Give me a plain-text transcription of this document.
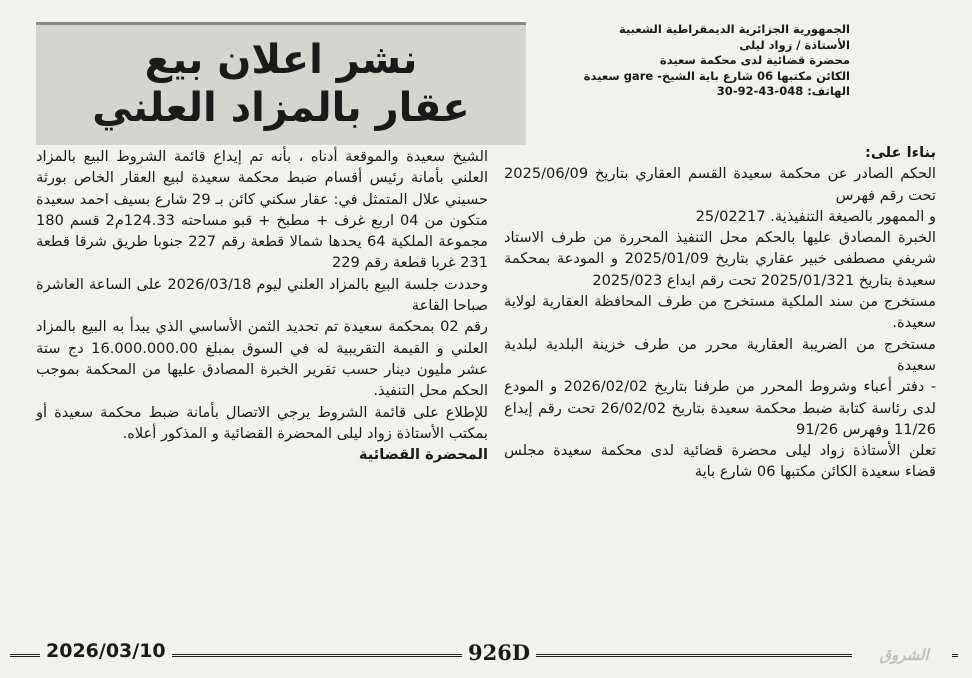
الجمهورية الجزائرية الديمقراطية الشعبية
الأستاذة / زواد ليلى
محضرة قضائية لدى محكمة سعيدة
الكائن مكتبها 06 شارع باية الشيخ- gare سعيدة
الهاتف: 048-43-92-30
نشر اعلان بيع
عقار بالمزاد العلني

بناءا على:

الحكم الصادر عن محكمة سعيدة القسم العقاري بتاريخ 2025/06/09 تحت رقم فهرس

و الممهور بالصيغة التنفيذية. 25/02217

الخبرة المصادق عليها بالحكم محل التنفيذ المحررة من طرف الاستاد شريفي مصطفى خبير عقاري بتاريخ 2025/01/09 و المودعة بمحكمة سعيدة بتاريخ 2025/01/321 تحت رقم ايداع 2025/023

مستخرج من سند الملكية مستخرج من طرف المحافظة العقارية لولاية سعيدة.

مستخرج من الضريبة العقارية محرر من طرف خزينة البلدية لبلدية سعيدة

- دفتر أعباء وشروط المحرر من طرفنا بتاريخ 2026/02/02 و المودع لدى رئاسة كتابة ضبط محكمة سعيدة بتاريخ 26/02/02 تحت رقم إيداع 11/26 وفهرس 91/26

تعلن الأستاذة زواد ليلى محضرة قضائية لدى محكمة سعيدة مجلس قضاء سعيدة الكائن مكتبها 06 شارع باية

الشيخ سعيدة والموقعة أدناه ، بأنه تم إيداع قائمة الشروط البيع بالمزاد العلني بأمانة رئيس أقسام ضبط محكمة سعيدة لبيع العقار الخاص بورثة حسيني علال المتمثل في: عقار سكني كائن بـ 29 شارع بسيف احمد سعيدة متكون من 04 اربع غرف + مطبخ + قبو مساحته 124.33م2 قسم 180 مجموعة الملكية 64 يحدها شمالا قطعة رقم 227 جنوبا طريق شرقا قطعة 231 غربا قطعة رقم 229

وحددت جلسة البيع بالمزاد العلني ليوم 2026/03/18 على الساعة العاشرة صباحا القاعة

رقم 02 بمحكمة سعيدة تم تحديد الثمن الأساسي الذي يبدأ به البيع بالمزاد العلني و القيمة التقريبية له في السوق بمبلغ 16.000.000.00 دج ستة عشر مليون دينار حسب تقرير الخبرة المصادق عليها من المحكمة بموجب الحكم محل التنفيذ.

للإطلاع على قائمة الشروط يرجي الاتصال بأمانة ضبط محكمة سعيدة أو بمكتب الأستاذة زواد ليلى المحضرة القضائية و المذكور أعلاه.

المحضرة القضائية

2026/03/10	926D	الشروق
